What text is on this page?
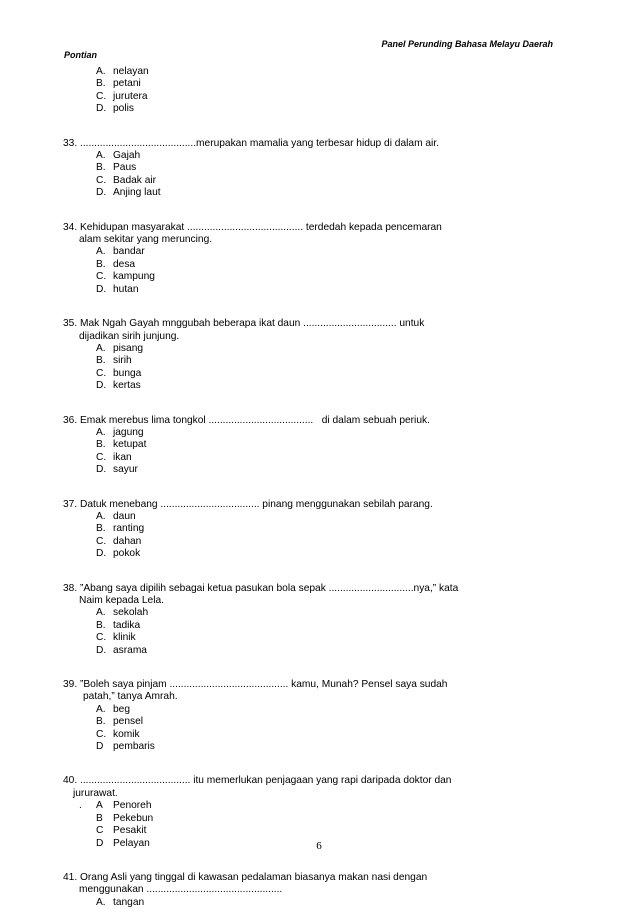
Panel Perunding Bahasa Melayu Daerah
Pontian
A. nelayan
B. petani
C. jurutera
D. polis
33. .........................................merupakan mamalia yang terbesar hidup di dalam air.
A. Gajah
B. Paus
C. Badak air
D. Anjing laut
34. Kehidupan masyarakat ......................................... terdedah kepada pencemaran
alam sekitar yang meruncing.
A. bandar
B. desa
C. kampung
D. hutan
35. Mak Ngah Gayah mnggubah beberapa ikat daun ................................. untuk
dijadikan sirih junjung.
A. pisang
B. sirih
C. bunga
D. kertas
36. Emak merebus lima tongkol .....................................   di dalam sebuah periuk.
A. jagung
B. ketupat
C. ikan
D. sayur
37. Datuk menebang ................................... pinang menggunakan sebilah parang.
A. daun
B. ranting
C. dahan
D. pokok
38. ”Abang saya dipilih sebagai ketua pasukan bola sepak ..............................nya,” kata
Naim kepada Lela.
A. sekolah
B. tadika
C. klinik
D. asrama
39. ”Boleh saya pinjam .......................................... kamu, Munah? Pensel saya sudah
patah,” tanya Amrah.
A. beg
B. pensel
C. komik
D pembaris
40. ....................................... itu memerlukan penjagaan yang rapi daripada doktor dan
jururawat.
. A	Penoreh
B	Pekebun
C Pesakit
D Pelayan
41. Orang Asli yang tinggal di kawasan pedalaman biasanya makan nasi dengan
menggunakan ................................................
A. tangan
6
